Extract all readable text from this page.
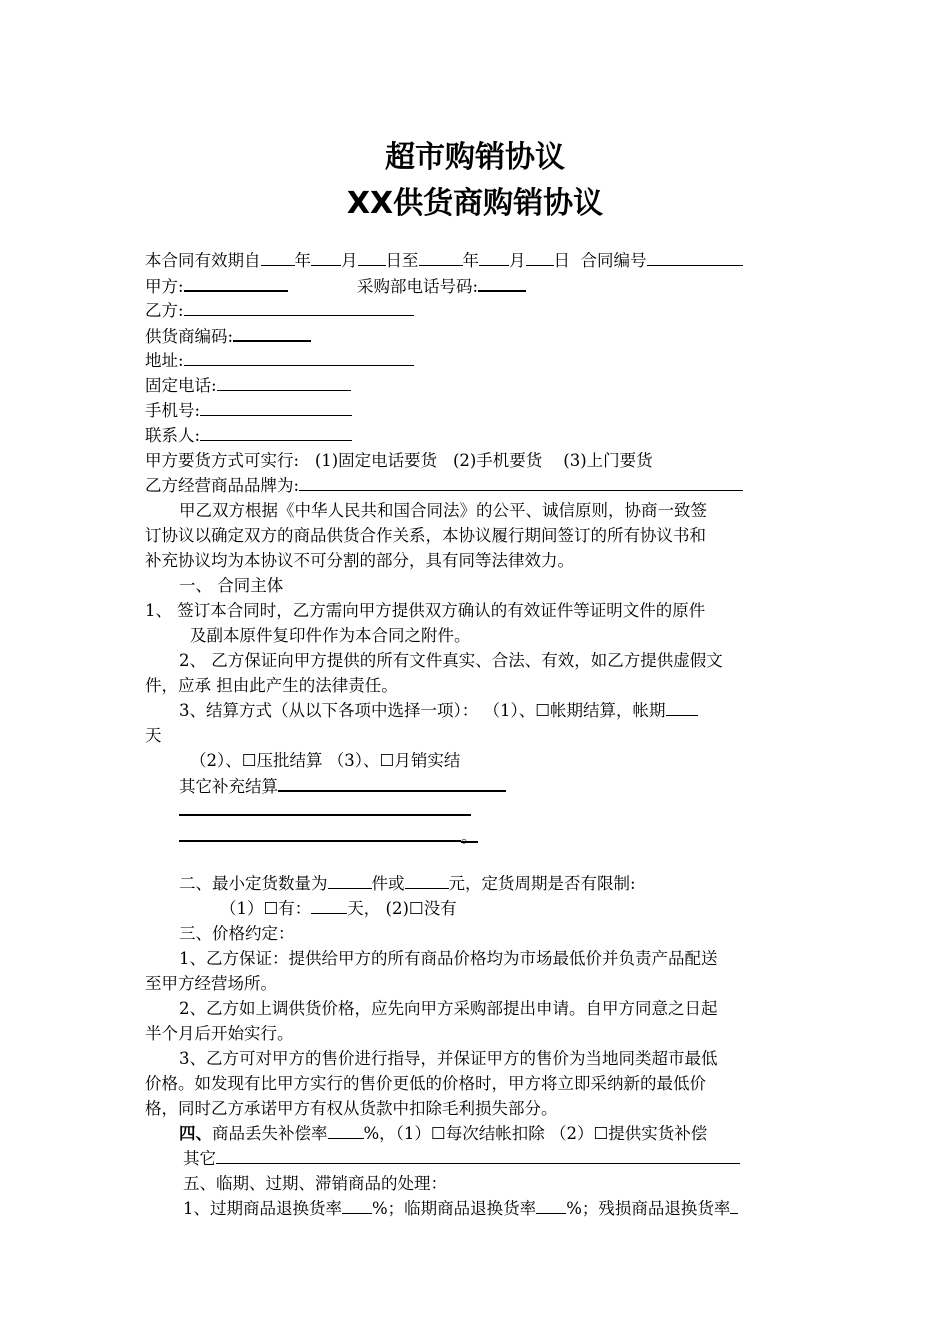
超市购销协议
XX供货商购销协议
本合同有效期自 年 月 日至	年 月 日 合同编号
甲方:	采购部电话号码:
乙方:
供货商编码:
地址:
固定电话:
手机号:
联系人:
甲方要货方式可实行: (1)固定电话要货 (2)手机要货 (3)上门要货
乙方经营商品品牌为:
甲乙双方根据《中华人民共和国合同法》的公平、诚信原则，协商一致签
订协议以确定双方的商品供货合作关系，本协议履行期间签订的所有协议书和
补充协议均为本协议不可分割的部分，具有同等法律效力。
一、 合同主体
1、 签订本合同时，乙方需向甲方提供双方确认的有效证件等证明文件的原件
及副本原件复印件作为本合同之附件。
2、 乙方保证向甲方提供的所有文件真实、合法、有效，如乙方提供虚假文
件，应承 担由此产生的法律责任。
3、结算方式（从以下各项中选择一项）： （1）、☐帐期结算，帐期
天
（2）、☐压批结算 （3）、☐月销实结
其它补充结算
。
二、最小定货数量为	件或	元，定货周期是否有限制:
（1）☐有： 天， (2)☐没有
三、价格约定：
1、乙方保证：提供给甲方的所有商品价格均为市场最低价并负责产品配送
至甲方经营场所。
2、乙方如上调供货价格，应先向甲方采购部提出申请。自甲方同意之日起
半个月后开始实行。
3、乙方可对甲方的售价进行指导，并保证甲方的售价为当地同类超市最低
价格。如发现有比甲方实行的售价更低的价格时，甲方将立即采纳新的最低价
格，同时乙方承诺甲方有权从货款中扣除毛利损失部分。
四、商品丢失补偿率 %，（1）☐每次结帐扣除 （2）☐提供实货补偿
其它
五、临期、过期、滞销商品的处理：
1、过期商品退换货率 %；临期商品退换货率 %；残损商品退换货率
